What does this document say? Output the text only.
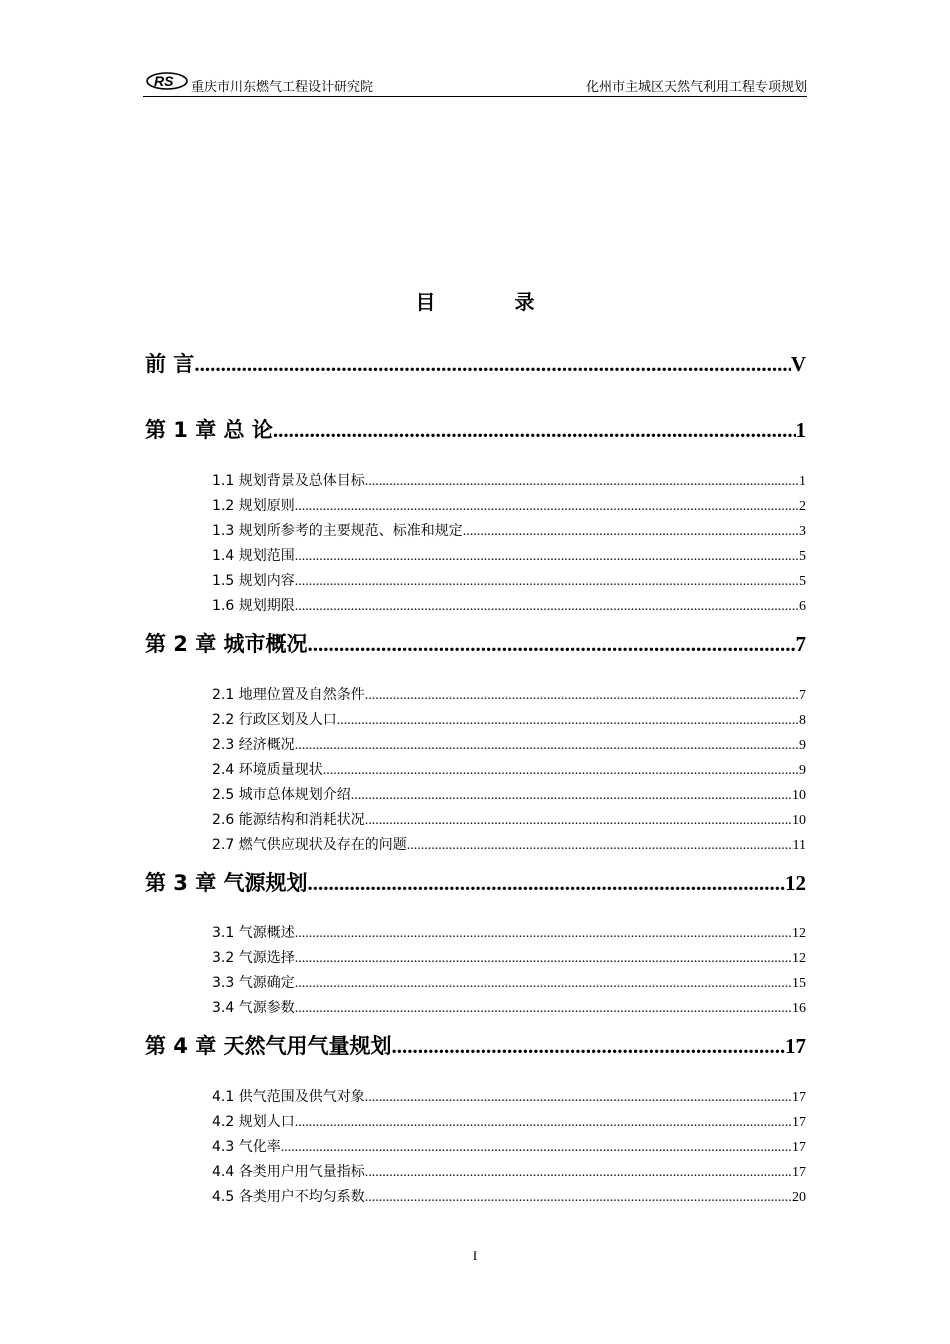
RS 重庆市川东燃气工程设计研究院	化州市主城区天然气利用工程专项规划
目 录
前 言 .....	V
第 1 章 总 论 .....	1
1.1 规划背景及总体目标 .....	1
1.2 规划原则 .....	2
1.3 规划所参考的主要规范、标准和规定 .....	3
1.4 规划范围 .....	5
1.5 规划内容 .....	5
1.6 规划期限 .....	6
第 2 章 城市概况 .....	7
2.1 地理位置及自然条件 .....	7
2.2 行政区划及人口 .....	8
2.3 经济概况 .....	9
2.4 环境质量现状 .....	9
2.5 城市总体规划介绍 .....	10
2.6 能源结构和消耗状况 .....	10
2.7 燃气供应现状及存在的问题 .....	11
第 3 章 气源规划 .....	12
3.1 气源概述 .....	12
3.2 气源选择 .....	12
3.3 气源确定 .....	15
3.4 气源参数 .....	16
第 4 章 天然气用气量规划 .....	17
4.1 供气范围及供气对象 .....	17
4.2 规划人口 .....	17
4.3 气化率 .....	17
4.4 各类用户用气量指标 .....	17
4.5 各类用户不均匀系数 .....	20
I
